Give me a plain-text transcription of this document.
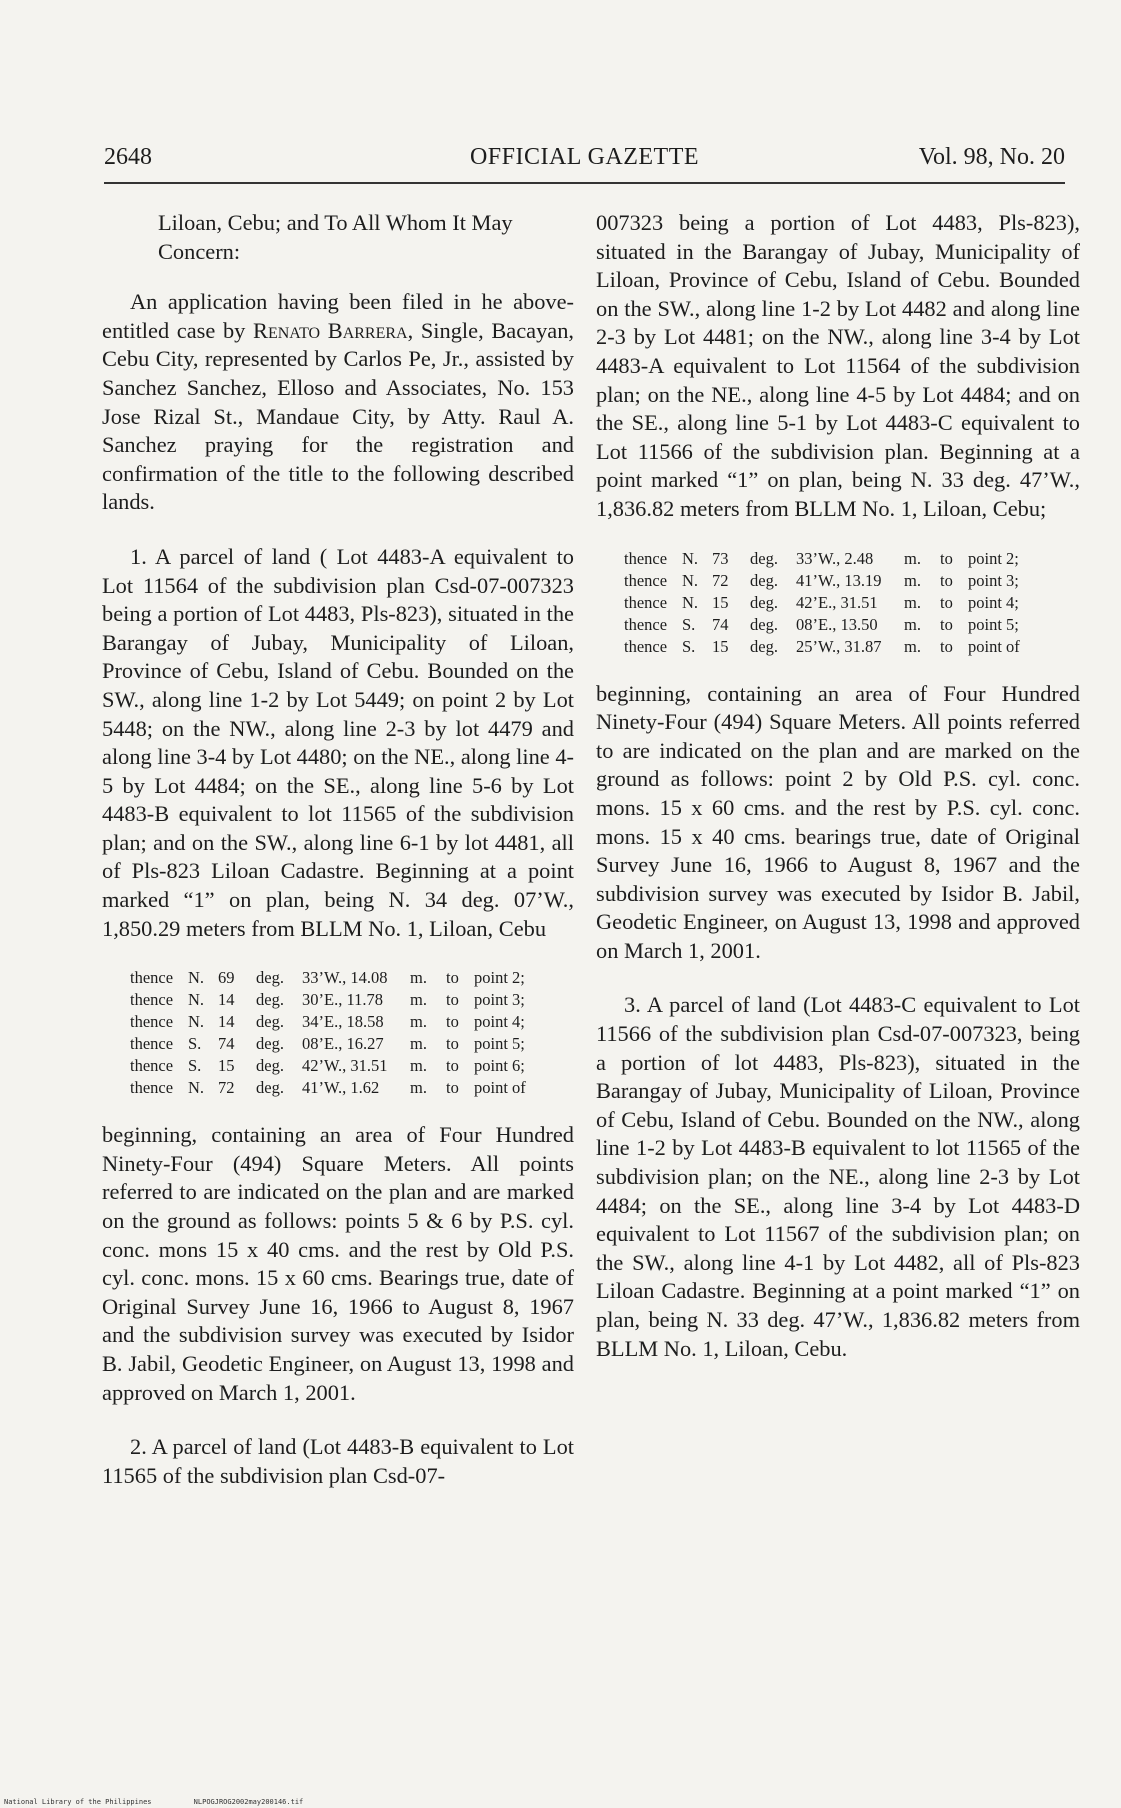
2648	OFFICIAL GAZETTE	Vol. 98, No. 20

Liloan, Cebu; and To All Whom It May Concern:

An application having been filed in he above-entitled case by Renato Barrera, Single, Bacayan, Cebu City, represented by Carlos Pe, Jr., assisted by Sanchez Sanchez, Elloso and Associates, No. 153 Jose Rizal St., Mandaue City, by Atty. Raul A. Sanchez praying for the registration and confirmation of the title to the following described lands.

1. A parcel of land ( Lot 4483-A equivalent to Lot 11564 of the subdivision plan Csd-07-007323 being a portion of Lot 4483, Pls-823), situated in the Barangay of Jubay, Municipality of Liloan, Province of Cebu, Island of Cebu. Bounded on the SW., along line 1-2 by Lot 5449; on point 2 by Lot 5448; on the NW., along line 2-3 by lot 4479 and along line 3-4 by Lot 4480; on the NE., along line 4-5 by Lot 4484; on the SE., along line 5-6 by Lot 4483-B equivalent to lot 11565 of the subdivision plan; and on the SW., along line 6-1 by lot 4481, all of Pls-823 Liloan Cadastre. Beginning at a point marked “1” on plan, being N. 34 deg. 07’W., 1,850.29 meters from BLLM No. 1, Liloan, Cebu

thence N. 69	deg.	33’W., 14.08	m.	to point 2;
thence N. 14	deg.	30’E., 11.78	m.	to point 3;
thence N. 14	deg.	34’E., 18.58	m.	to point 4;
thence S.	74	deg.	08’E., 16.27	m.	to point 5;
thence S.	15	deg.	42’W., 31.51	m.	to point 6;
thence N. 72	deg.	41’W., 1.62	m.	to point of

beginning, containing an area of Four Hundred Ninety-Four (494) Square Meters. All points referred to are indicated on the plan and are marked on the ground as follows: points 5 & 6 by P.S. cyl. conc. mons 15 x 40 cms. and the rest by Old P.S. cyl. conc. mons. 15 x 60 cms. Bearings true, date of Original Survey June 16, 1966 to August 8, 1967 and the subdivision survey was executed by Isidor B. Jabil, Geodetic Engineer, on August 13, 1998 and approved on March 1, 2001.

2. A parcel of land (Lot 4483-B equivalent to Lot 11565 of the subdivision plan Csd-07-

007323 being a portion of Lot 4483, Pls-823), situated in the Barangay of Jubay, Municipality of Liloan, Province of Cebu, Island of Cebu. Bounded on the SW., along line 1-2 by Lot 4482 and along line 2-3 by Lot 4481; on the NW., along line 3-4 by Lot 4483-A equivalent to Lot 11564 of the subdivision plan; on the NE., along line 4-5 by Lot 4484; and on the SE., along line 5-1 by Lot 4483-C equivalent to Lot 11566 of the subdivision plan. Beginning at a point marked “1” on plan, being N. 33 deg. 47’W., 1,836.82 meters from BLLM No. 1, Liloan, Cebu;

thence N. 73	deg.	33’W., 2.48	m.	to point 2;
thence N. 72	deg.	41’W., 13.19	m.	to point 3;
thence N. 15	deg.	42’E., 31.51	m.	to point 4;
thence S.	74	deg.	08’E., 13.50	m.	to point 5;
thence S.	15	deg.	25’W., 31.87	m.	to point of

beginning, containing an area of Four Hundred Ninety-Four (494) Square Meters. All points referred to are indicated on the plan and are marked on the ground as follows: point 2 by Old P.S. cyl. conc. mons. 15 x 60 cms. and the rest by P.S. cyl. conc. mons. 15 x 40 cms. bearings true, date of Original Survey June 16, 1966 to August 8, 1967 and the subdivision survey was executed by Isidor B. Jabil, Geodetic Engineer, on August 13, 1998 and approved on March 1, 2001.

3. A parcel of land (Lot 4483-C equivalent to Lot 11566 of the subdivision plan Csd-07-007323, being a portion of lot 4483, Pls-823), situated in the Barangay of Jubay, Municipality of Liloan, Province of Cebu, Island of Cebu. Bounded on the NW., along line 1-2 by Lot 4483-B equivalent to lot 11565 of the subdivision plan; on the NE., along line 2-3 by Lot 4484; on the SE., along line 3-4 by Lot 4483-D equivalent to Lot 11567 of the subdivision plan; on the SW., along line 4-1 by Lot 4482, all of Pls-823 Liloan Cadastre. Beginning at a point marked “1” on plan, being N. 33 deg. 47’W., 1,836.82 meters from BLLM No. 1, Liloan, Cebu.

National Library of the Philippines	NLPOGJROG2002may200146.tif
